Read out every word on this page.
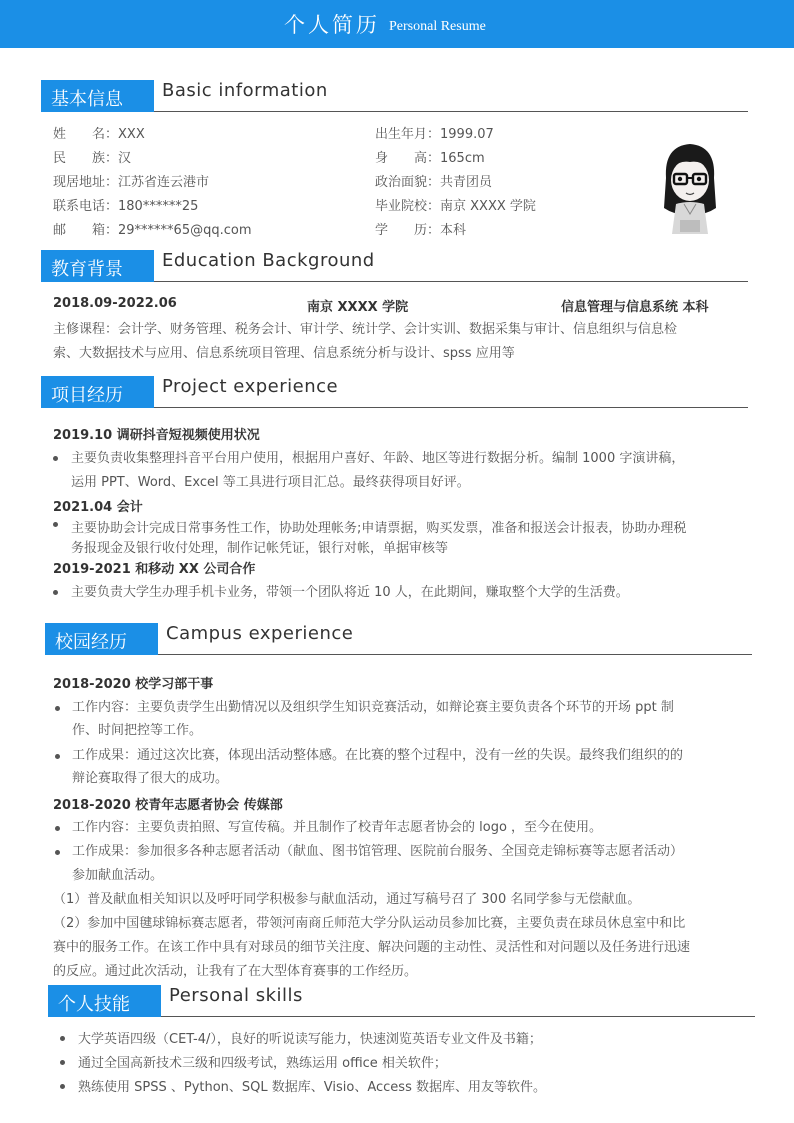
个人简历 Personal Resume
基本信息	Basic information
姓　　名：XXX
民　　族：汉
现居地址：江苏省连云港市
联系电话：180******25
邮　　箱：29******65@qq.com
出生年月：1999.07
身　　高：165cm
政治面貌：共青团员
毕业院校：南京 XXXX 学院
学　　历：本科
教育背景	Education Background
2018.09-2022.06	南京 XXXX 学院	信息管理与信息系统 本科
主修课程：会计学、财务管理、税务会计、审计学、统计学、会计实训、数据采集与审计、信息组织与信息检
索、大数据技术与应用、信息系统项目管理、信息系统分析与设计、spss 应用等
项目经历	Project experience
2019.10 调研抖音短视频使用状况
主要负责收集整理抖音平台用户使用，根据用户喜好、年龄、地区等进行数据分析。编制 1000 字演讲稿，
运用 PPT、Word、Excel 等工具进行项目汇总。最终获得项目好评。
2021.04 会计
主要协助会计完成日常事务性工作，协助处理帐务;申请票据，购买发票，准备和报送会计报表，协助办理税
务报现金及银行收付处理，制作记帐凭证，银行对帐，单据审核等
2019-2021 和移动 XX 公司合作
主要负责大学生办理手机卡业务，带领一个团队将近 10 人，在此期间，赚取整个大学的生活费。
校园经历	Campus experience
2018-2020 校学习部干事
工作内容：主要负责学生出勤情况以及组织学生知识竞赛活动，如辩论赛主要负责各个环节的开场 ppt 制
作、时间把控等工作。
工作成果：通过这次比赛，体现出活动整体感。在比赛的整个过程中，没有一丝的失误。最终我们组织的的
辩论赛取得了很大的成功。
2018-2020 校青年志愿者协会 传媒部
工作内容：主要负责拍照、写宣传稿。并且制作了校青年志愿者协会的 logo ，至今在使用。
工作成果：参加很多各种志愿者活动（献血、图书馆管理、医院前台服务、全国竞走锦标赛等志愿者活动）
参加献血活动。
（1）普及献血相关知识以及呼吁同学积极参与献血活动，通过写稿号召了 300 名同学参与无偿献血。
（2）参加中国毽球锦标赛志愿者，带领河南商丘师范大学分队运动员参加比赛，主要负责在球员休息室中和比
赛中的服务工作。在该工作中具有对球员的细节关注度、解决问题的主动性、灵活性和对问题以及任务进行迅速
的反应。通过此次活动，让我有了在大型体育赛事的工作经历。
个人技能	Personal skills
大学英语四级（CET-4/），良好的听说读写能力，快速浏览英语专业文件及书籍；
通过全国高新技术三级和四级考试，熟练运用 office 相关软件；
熟练使用 SPSS 、Python、SQL 数据库、Visio、Access 数据库、用友等软件。
